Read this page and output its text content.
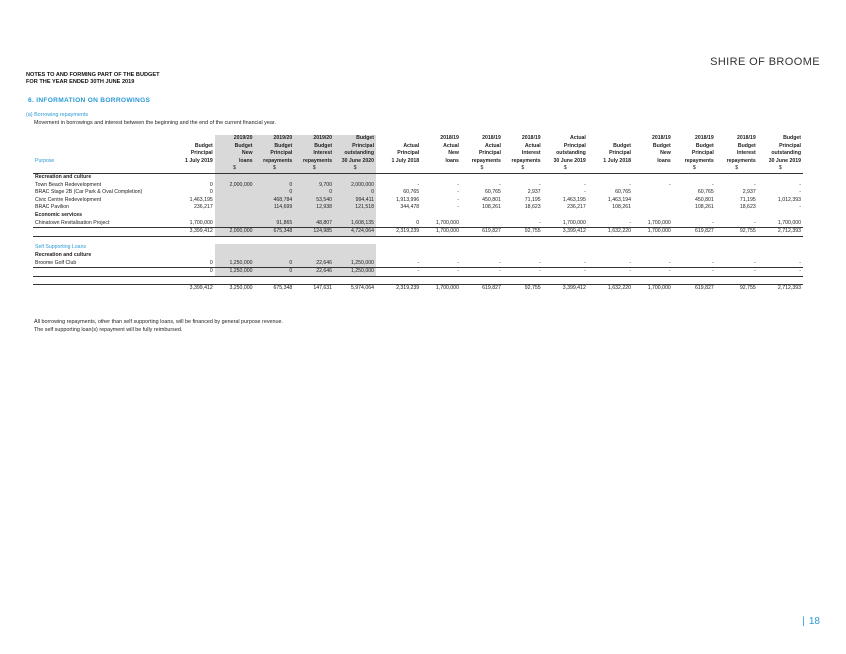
SHIRE OF BROOME
NOTES TO AND FORMING PART OF THE BUDGET
FOR THE YEAR ENDED 30TH JUNE 2019
6. INFORMATION ON BORROWINGS
(a) Borrowing repayments
Movement in borrowings and interest between the beginning and the end of the current financial year.
		2019/20	2019/20	2019/20	Budget		2018/19	2018/19	2018/19	Actual		2018/19	2018/19	2018/19	Budget
	Budget	Budget	Budget	Budget	Principal	Actual	Actual	Actual	Actual	Principal	Budget	Budget	Budget	Budget	Principal
	Principal	New	Principal	Interest	outstanding	Principal	New	Principal	Interest	outstanding	Principal	New	Principal	Interest	outstanding
Purpose	1 July 2019	loans	repayments	repayments	30 June 2020	1 July 2018	loans	repayments	repayments	30 June 2019	1 July 2018	loans	repayments	repayments	30 June 2019
		$	$	$	$			$	$	$			$	$	$
Recreation and culture															
Town Beach Redevelopment	0	2,000,000	0	9,700	2,000,000	-	-	-	-	-	-	-	-	-	-
BRAC Stage 2B (Car Park & Oval Completion)	0		0	0	0	60,765	-	60,765	2,937	-	60,765		60,765	2,937	-
Civic Centre Redevelopment	1,463,195		468,784	53,540	994,411	1,913,996	-	450,801	71,195	1,463,195	1,463,194		450,801	71,195	1,012,393
BRAC Pavilion	236,217		114,699	12,938	121,518	344,478	-	108,261	18,623	236,217	108,261		108,261	18,623	-
Economic services															
Chinatown Revitalisation Project	1,700,000		91,865	48,807	1,608,135	0	1,700,000		-	1,700,000	-	1,700,000	-	-	1,700,000
	3,399,412	2,000,000	675,348	124,985	4,724,064	2,319,239	1,700,000	619,827	92,755	3,399,412	1,632,220	1,700,000	619,827	92,755	2,712,393

Self Supporting Loans															
Recreation and culture															
Broome Golf Club	0	1,250,000	0	22,646	1,250,000	-	-	-	-	-	-	-	-	-	-
	0	1,250,000	0	22,646	1,250,000	-	-	-	-	-	-	-	-	-	-

	3,399,412	3,250,000	675,348	147,631	5,974,064	2,319,239	1,700,000	619,827	92,755	3,399,412	1,632,220	1,700,000	619,827	92,755	2,712,393
All borrowing repayments, other than self supporting loans, will be financed by general purpose revenue.
The self supporting loan(s) repayment will be fully reimbursed.
| 18
